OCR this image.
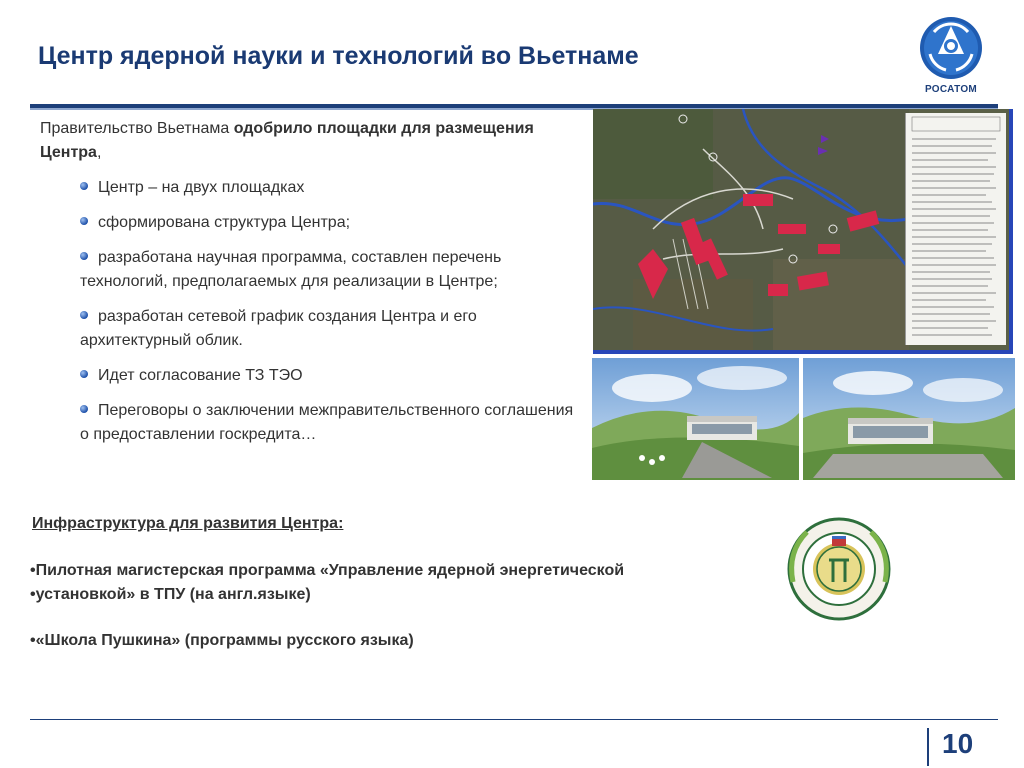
Центр ядерной науки и технологий во Вьетнаме
РОСАТОМ
Правительство Вьетнама одобрило площадки для размещения Центра,
Центр – на двух площадках
сформирована структура Центра;
разработана научная программа, составлен перечень технологий, предполагаемых для реализации в Центре;
разработан сетевой график создания Центра и его архитектурный облик.
Идет согласование ТЗ ТЭО
Переговоры о заключении межправительственного соглашения о предоставлении госкредита…
Инфраструктура для развития Центра:
•Пилотная магистерская программа «Управление ядерной энергетической
•установкой» в ТПУ (на англ.языке)
•«Школа Пушкина» (программы русского языка)
10
